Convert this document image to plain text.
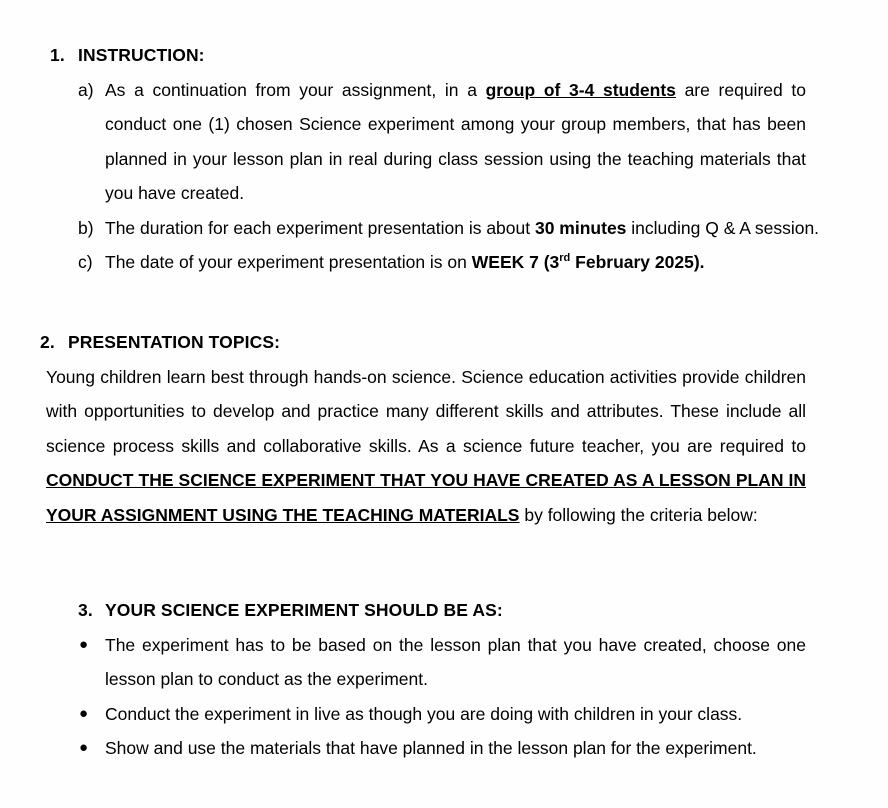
1. INSTRUCTION:
a) As a continuation from your assignment, in a group of 3-4 students are required to conduct one (1) chosen Science experiment among your group members, that has been planned in your lesson plan in real during class session using the teaching materials that you have created.
b) The duration for each experiment presentation is about 30 minutes including Q & A session.
c) The date of your experiment presentation is on WEEK 7 (3rd February 2025).
2. PRESENTATION TOPICS:
Young children learn best through hands-on science. Science education activities provide children with opportunities to develop and practice many different skills and attributes. These include all science process skills and collaborative skills. As a science future teacher, you are required to CONDUCT THE SCIENCE EXPERIMENT THAT YOU HAVE CREATED AS A LESSON PLAN IN YOUR ASSIGNMENT USING THE TEACHING MATERIALS by following the criteria below:
3. YOUR SCIENCE EXPERIMENT SHOULD BE AS:
● The experiment has to be based on the lesson plan that you have created, choose one lesson plan to conduct as the experiment.
● Conduct the experiment in live as though you are doing with children in your class.
● Show and use the materials that have planned in the lesson plan for the experiment.
